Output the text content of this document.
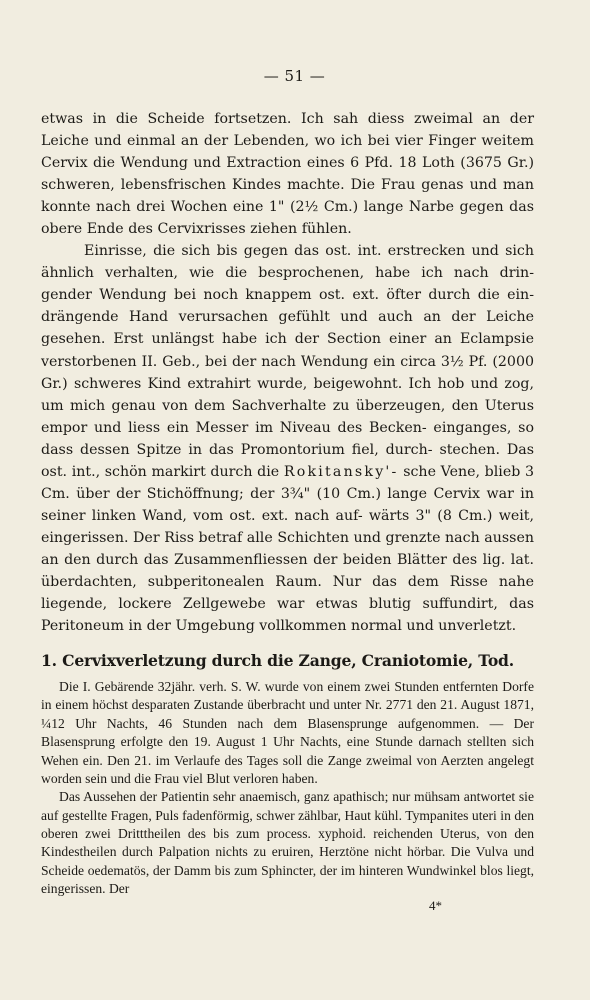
— 51 —

etwas in die Scheide fortsetzen. Ich sah diess zweimal an der Leiche und einmal an der Lebenden, wo ich bei vier Finger weitem Cervix die Wendung und Extraction eines 6 Pfd. 18 Loth (3675 Gr.) schweren, lebensfrischen Kindes machte. Die Frau genas und man konnte nach drei Wochen eine 1" (2½ Cm.) lange Narbe gegen das obere Ende des Cervixrisses ziehen fühlen.

Einrisse, die sich bis gegen das ost. int. erstrecken und sich ähnlich verhalten, wie die besprochenen, habe ich nach drin- gender Wendung bei noch knappem ost. ext. öfter durch die ein- drängende Hand verursachen gefühlt und auch an der Leiche gesehen. Erst unlängst habe ich der Section einer an Eclampsie verstorbenen II. Geb., bei der nach Wendung ein circa 3½ Pf. (2000 Gr.) schweres Kind extrahirt wurde, beigewohnt. Ich hob und zog, um mich genau von dem Sachverhalte zu überzeugen, den Uterus empor und liess ein Messer im Niveau des Becken- einganges, so dass dessen Spitze in das Promontorium fiel, durch- stechen. Das ost. int., schön markirt durch die Rokitansky'- sche Vene, blieb 3 Cm. über der Stichöffnung; der 3¾" (10 Cm.) lange Cervix war in seiner linken Wand, vom ost. ext. nach auf- wärts 3" (8 Cm.) weit, eingerissen. Der Riss betraf alle Schichten und grenzte nach aussen an den durch das Zusammenfliessen der beiden Blätter des lig. lat. überdachten, subperitonealen Raum. Nur das dem Risse nahe liegende, lockere Zellgewebe war etwas blutig suffundirt, das Peritoneum in der Umgebung vollkommen normal und unverletzt.

1. Cervixverletzung durch die Zange, Craniotomie, Tod.

Die I. Gebärende 32jähr. verh. S. W. wurde von einem zwei Stunden entfernten Dorfe in einem höchst desparaten Zustande überbracht und unter Nr. 2771 den 21. August 1871, ¼12 Uhr Nachts, 46 Stunden nach dem Blasensprunge aufgenommen. — Der Blasensprung erfolgte den 19. August 1 Uhr Nachts, eine Stunde darnach stellten sich Wehen ein. Den 21. im Verlaufe des Tages soll die Zange zweimal von Aerzten angelegt worden sein und die Frau viel Blut verloren haben.

Das Aussehen der Patientin sehr anaemisch, ganz apathisch; nur mühsam antwortet sie auf gestellte Fragen, Puls fadenförmig, schwer zählbar, Haut kühl. Tympanites uteri in den oberen zwei Dritttheilen des bis zum process. xyphoid. reichenden Uterus, von den Kindestheilen durch Palpation nichts zu eruiren, Herztöne nicht hörbar. Die Vulva und Scheide oedematös, der Damm bis zum Sphincter, der im hinteren Wundwinkel blos liegt, eingerissen. Der

4*
